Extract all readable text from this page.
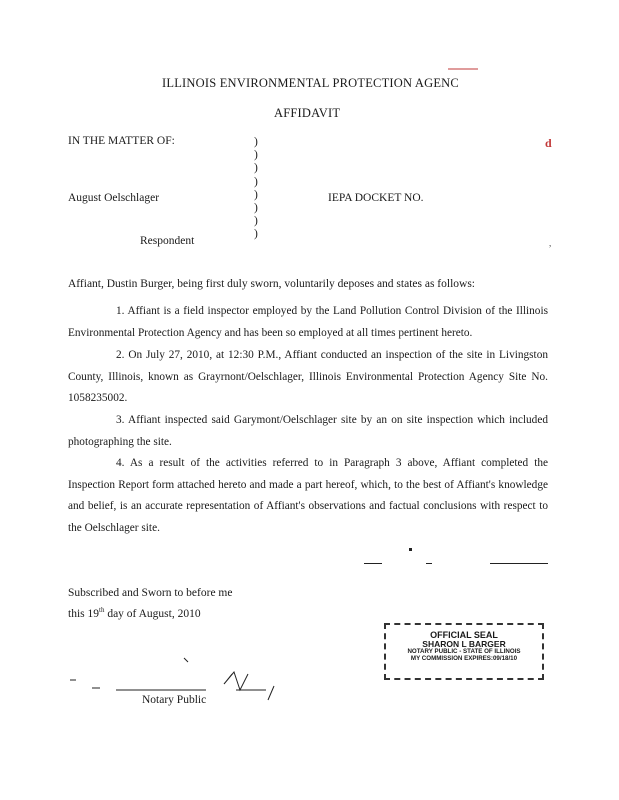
ILLINOIS ENVIRONMENTAL PROTECTION AGENC
AFFIDAVIT
d
IN THE MATTER OF:
August Oelschlager	IEPA DOCKET NO.
Respondent
)
)
)
)
)
)
)
)
Affiant, Dustin Burger, being first duly sworn, voluntarily deposes and states as follows:
1. Affiant is a field inspector employed by the Land Pollution Control Division of the Illinois Environmental Protection Agency and has been so employed at all times pertinent hereto.
2. On July 27, 2010, at 12:30 P.M., Affiant conducted an inspection of the site in Livingston County, Illinois, known as Grayrnont/Oelschlager, Illinois Environmental Protection Agency Site No. 1058235002.
3. Affiant inspected said Garymont/Oelschlager site by an on site inspection which included photographing the site.
4. As a result of the activities referred to in Paragraph 3 above, Affiant completed the Inspection Report form attached hereto and made a part hereof, which, to the best of Affiant's knowledge and belief, is an accurate representation of Affiant's observations and factual conclusions with respect to the Oelschlager site.
Subscribed and Sworn to before me
this 19th day of August, 2010
Notary Public
OFFICIAL SEAL
SHARON L BARGER
NOTARY PUBLIC - STATE OF ILLINOIS
MY COMMISSION EXPIRES:09/18/10
,
